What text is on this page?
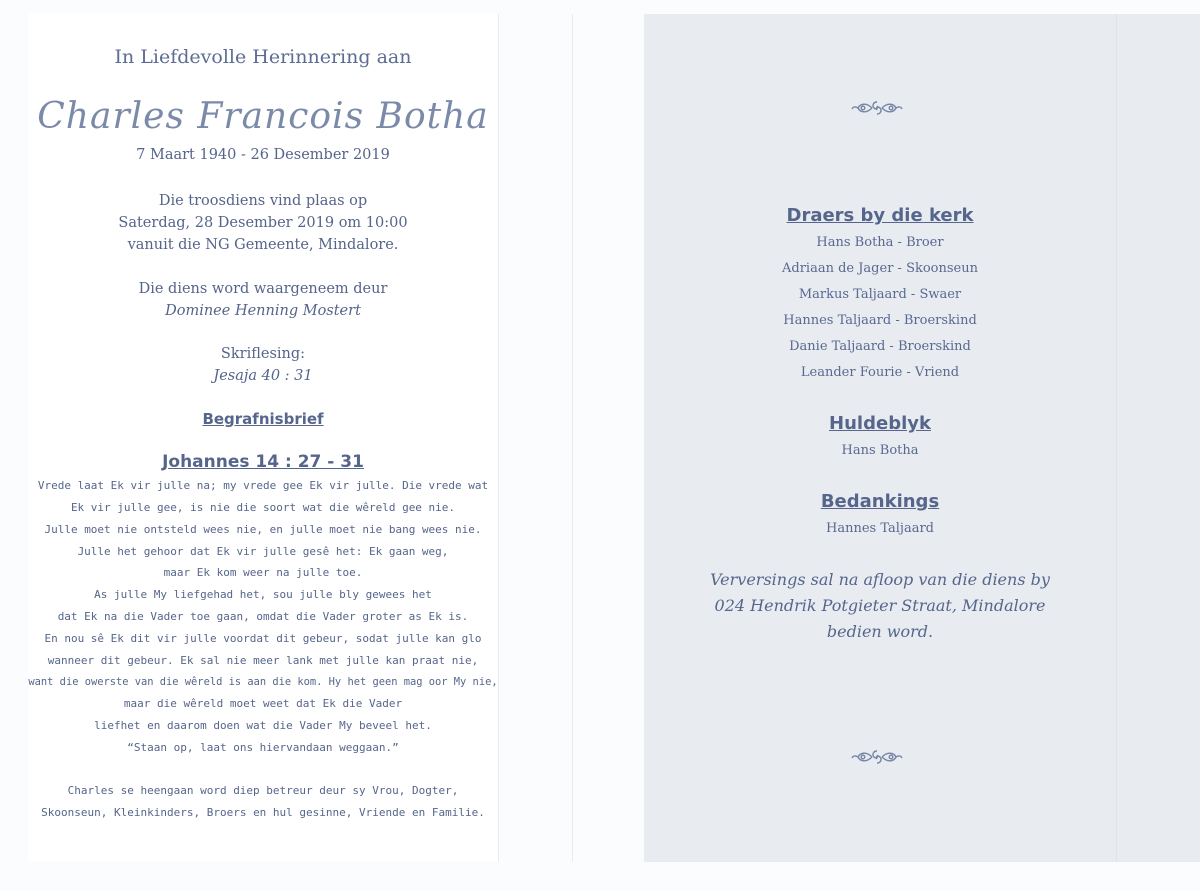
In Liefdevolle Herinnering aan
Charles Francois Botha
7 Maart 1940 - 26 Desember 2019
Die troosdiens vind plaas op
Saterdag, 28 Desember 2019 om 10:00
vanuit die NG Gemeente, Mindalore.
Die diens word waargeneem deur
Dominee Henning Mostert
Skriflesing:
Jesaja 40 : 31
Begrafnisbrief
Johannes 14 : 27 - 31
Vrede laat Ek vir julle na; my vrede gee Ek vir julle. Die vrede wat
Ek vir julle gee, is nie die soort wat die wêreld gee nie.
Julle moet nie ontsteld wees nie, en julle moet nie bang wees nie.
Julle het gehoor dat Ek vir julle gesê het: Ek gaan weg,
maar Ek kom weer na julle toe.
As julle My liefgehad het, sou julle bly gewees het
dat Ek na die Vader toe gaan, omdat die Vader groter as Ek is.
En nou sê Ek dit vir julle voordat dit gebeur, sodat julle kan glo
wanneer dit gebeur. Ek sal nie meer lank met julle kan praat nie,
want die owerste van die wêreld is aan die kom. Hy het geen mag oor My nie,
maar die wêreld moet weet dat Ek die Vader
liefhet en daarom doen wat die Vader My beveel het.
“Staan op, laat ons hiervandaan weggaan.”
Charles se heengaan word diep betreur deur sy Vrou, Dogter,
Skoonseun, Kleinkinders, Broers en hul gesinne, Vriende en Familie.
Draers by die kerk
Hans Botha - Broer
Adriaan de Jager - Skoonseun
Markus Taljaard - Swaer
Hannes Taljaard - Broerskind
Danie Taljaard - Broerskind
Leander Fourie - Vriend
Huldeblyk
Hans Botha
Bedankings
Hannes Taljaard
Verversings sal na afloop van die diens by
024 Hendrik Potgieter Straat, Mindalore
bedien word.
